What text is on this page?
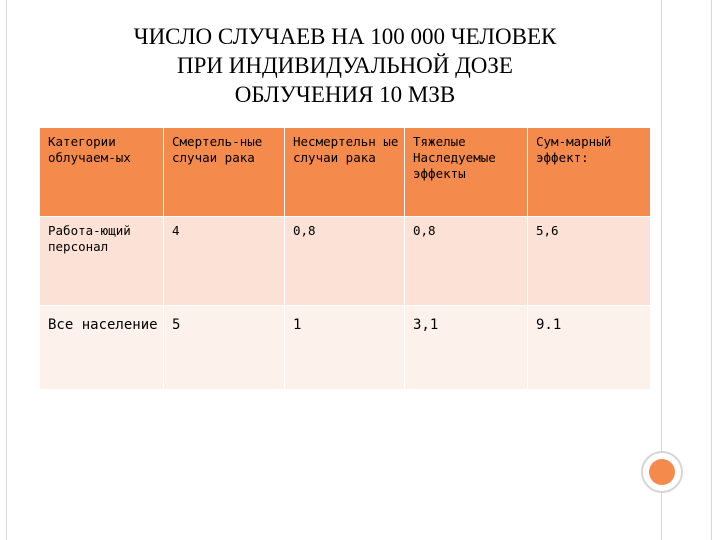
ЧИСЛО СЛУЧАЕВ НА 100 000 ЧЕЛОВЕК
ПРИ ИНДИВИДУАЛЬНОЙ ДОЗЕ
ОБЛУЧЕНИЯ 10 МЗВ
Категории облучаем-ых	Смертель-ные случаи рака	Несмертельн ые случаи рака	Тяжелые Наследуемые эффекты	Сум-марный эффект:
Работа-ющий персонал	4	0,8	0,8	5,6
Все население	5	1	3,1	9.1
